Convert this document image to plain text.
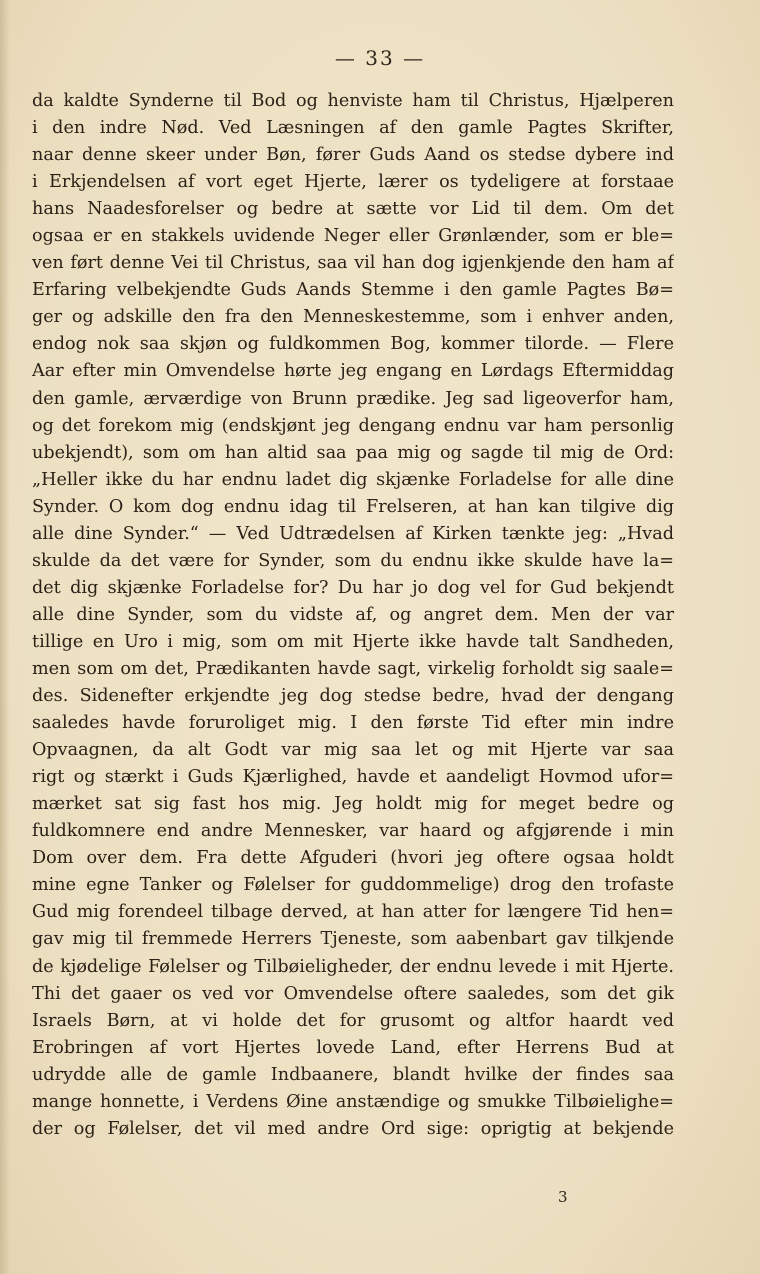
— 33 —
da kaldte Synderne til Bod og henviste ham til Christus, Hjælperen
i den indre Nød. Ved Læsningen af den gamle Pagtes Skrifter,
naar denne skeer under Bøn, fører Guds Aand os stedse dybere ind
i Erkjendelsen af vort eget Hjerte, lærer os tydeligere at forstaae
hans Naadesforelser og bedre at sætte vor Lid til dem. Om det
ogsaa er en stakkels uvidende Neger eller Grønlænder, som er ble=
ven ført denne Vei til Christus, saa vil han dog igjenkjende den ham af
Erfaring velbekjendte Guds Aands Stemme i den gamle Pagtes Bø=
ger og adskille den fra den Menneskestemme, som i enhver anden,
endog nok saa skjøn og fuldkommen Bog, kommer tilorde. — Flere
Aar efter min Omvendelse hørte jeg engang en Lørdags Eftermiddag
den gamle, ærværdige von Brunn prædike. Jeg sad ligeoverfor ham,
og det forekom mig (endskjønt jeg dengang endnu var ham personlig
ubekjendt), som om han altid saa paa mig og sagde til mig de Ord:
„Heller ikke du har endnu ladet dig skjænke Forladelse for alle dine
Synder. O kom dog endnu idag til Frelseren, at han kan tilgive dig
alle dine Synder.“ — Ved Udtrædelsen af Kirken tænkte jeg: „Hvad
skulde da det være for Synder, som du endnu ikke skulde have la=
det dig skjænke Forladelse for? Du har jo dog vel for Gud bekjendt
alle dine Synder, som du vidste af, og angret dem. Men der var
tillige en Uro i mig, som om mit Hjerte ikke havde talt Sandheden,
men som om det, Prædikanten havde sagt, virkelig forholdt sig saale=
des. Sidenefter erkjendte jeg dog stedse bedre, hvad der dengang
saaledes havde foruroliget mig. I den første Tid efter min indre
Opvaagnen, da alt Godt var mig saa let og mit Hjerte var saa
rigt og stærkt i Guds Kjærlighed, havde et aandeligt Hovmod ufor=
mærket sat sig fast hos mig. Jeg holdt mig for meget bedre og
fuldkomnere end andre Mennesker, var haard og afgjørende i min
Dom over dem. Fra dette Afguderi (hvori jeg oftere ogsaa holdt
mine egne Tanker og Følelser for guddommelige) drog den trofaste
Gud mig forendeel tilbage derved, at han atter for længere Tid hen=
gav mig til fremmede Herrers Tjeneste, som aabenbart gav tilkjende
de kjødelige Følelser og Tilbøieligheder, der endnu levede i mit Hjerte.
Thi det gaaer os ved vor Omvendelse oftere saaledes, som det gik
Israels Børn, at vi holde det for grusomt og altfor haardt ved
Erobringen af vort Hjertes lovede Land, efter Herrens Bud at
udrydde alle de gamle Indbaanere, blandt hvilke der findes saa
mange honnette, i Verdens Øine anstændige og smukke Tilbøielighe=
der og Følelser, det vil med andre Ord sige: oprigtig at bekjende
3
